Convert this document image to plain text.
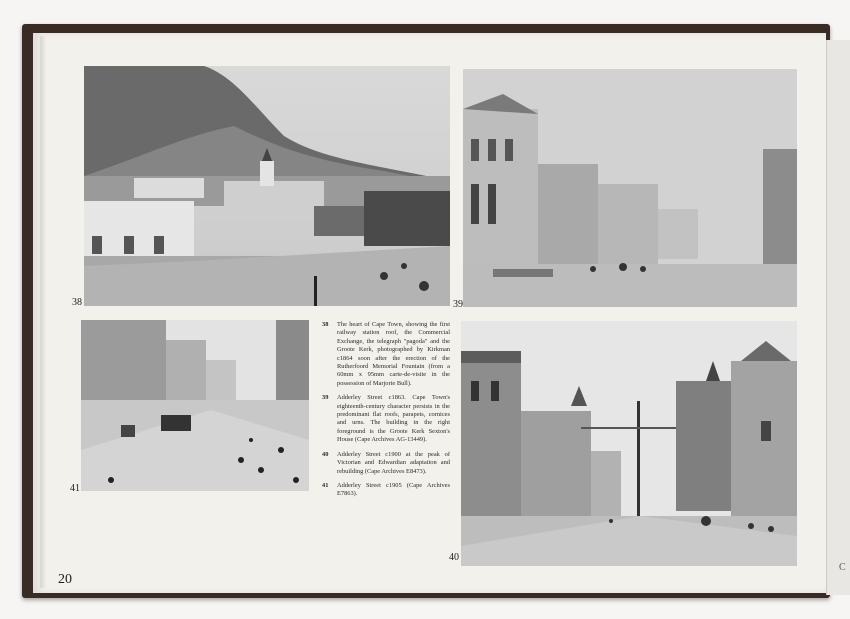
C
38	39
41
38	The heart of Cape Town, showing the first railway station roof, the Commercial Exchange, the telegraph "pagoda" and the Groote Kerk, photographed by Kirkman c1864 soon after the erection of the Rutherfoord Memorial Fountain (from a 60mm x 95mm carte-de-visite in the possession of Marjorie Bull).
39	Adderley Street c1863. Cape Town's eighteenth-century character persists in the predominant flat roofs, parapets, cornices and urns. The building in the right foreground is the Groote Kerk Sexton's House (Cape Archives AG-13449).
40	Adderley Street c1900 at the peak of Victorian and Edwardian adaptation and rebuilding (Cape Archives E8473).
41	Adderley Street c1905 (Cape Archives E7863).
40
20
